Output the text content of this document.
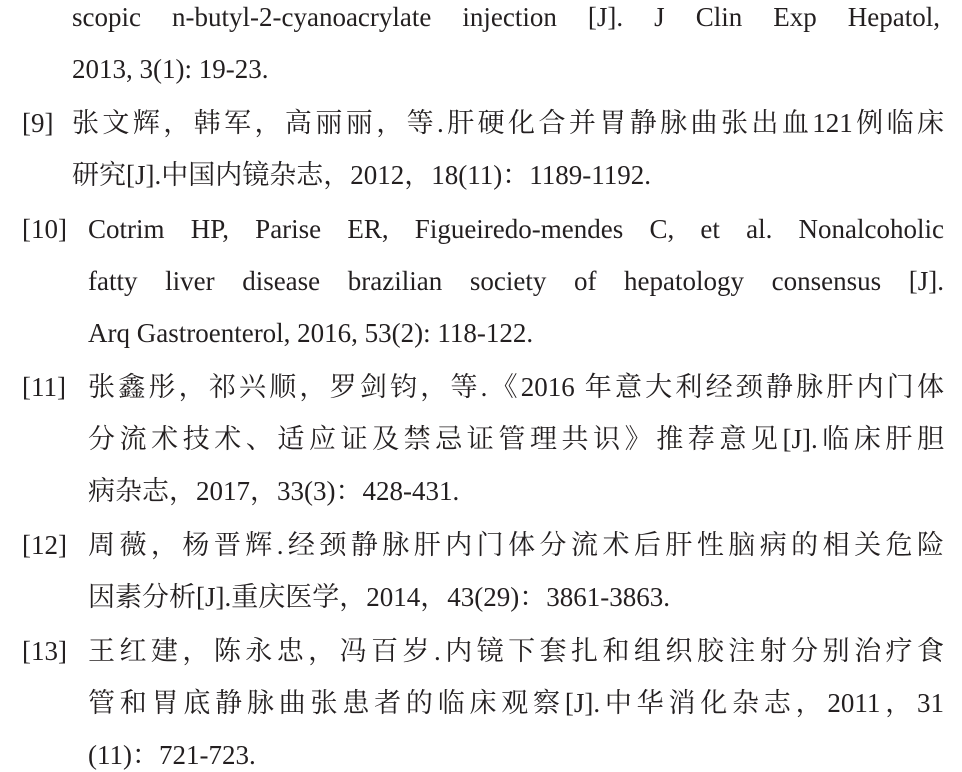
scopic n-butyl-2-cyanoacrylate injection [J]. J Clin Exp Hepatol,
2013, 3(1): 19-23.
[9] 张文辉，韩军，高丽丽，等.肝硬化合并胃静脉曲张出血121例临床
研究[J].中国内镜杂志，2012，18(11)：1189-1192.
[10] Cotrim HP, Parise ER, Figueiredo-mendes C, et al. Nonalcoholic
fatty liver disease brazilian society of hepatology consensus [J].
Arq Gastroenterol, 2016, 53(2): 118-122.
[11] 张鑫彤，祁兴顺，罗剑钧，等.《2016 年意大利经颈静脉肝内门体
分流术技术、适应证及禁忌证管理共识》推荐意见[J].临床肝胆
病杂志，2017，33(3)：428-431.
[12] 周薇，杨晋辉.经颈静脉肝内门体分流术后肝性脑病的相关危险
因素分析[J].重庆医学，2014，43(29)：3861-3863.
[13] 王红建，陈永忠，冯百岁.内镜下套扎和组织胶注射分别治疗食
管和胃底静脉曲张患者的临床观察[J].中华消化杂志，2011，31
(11)：721-723.
